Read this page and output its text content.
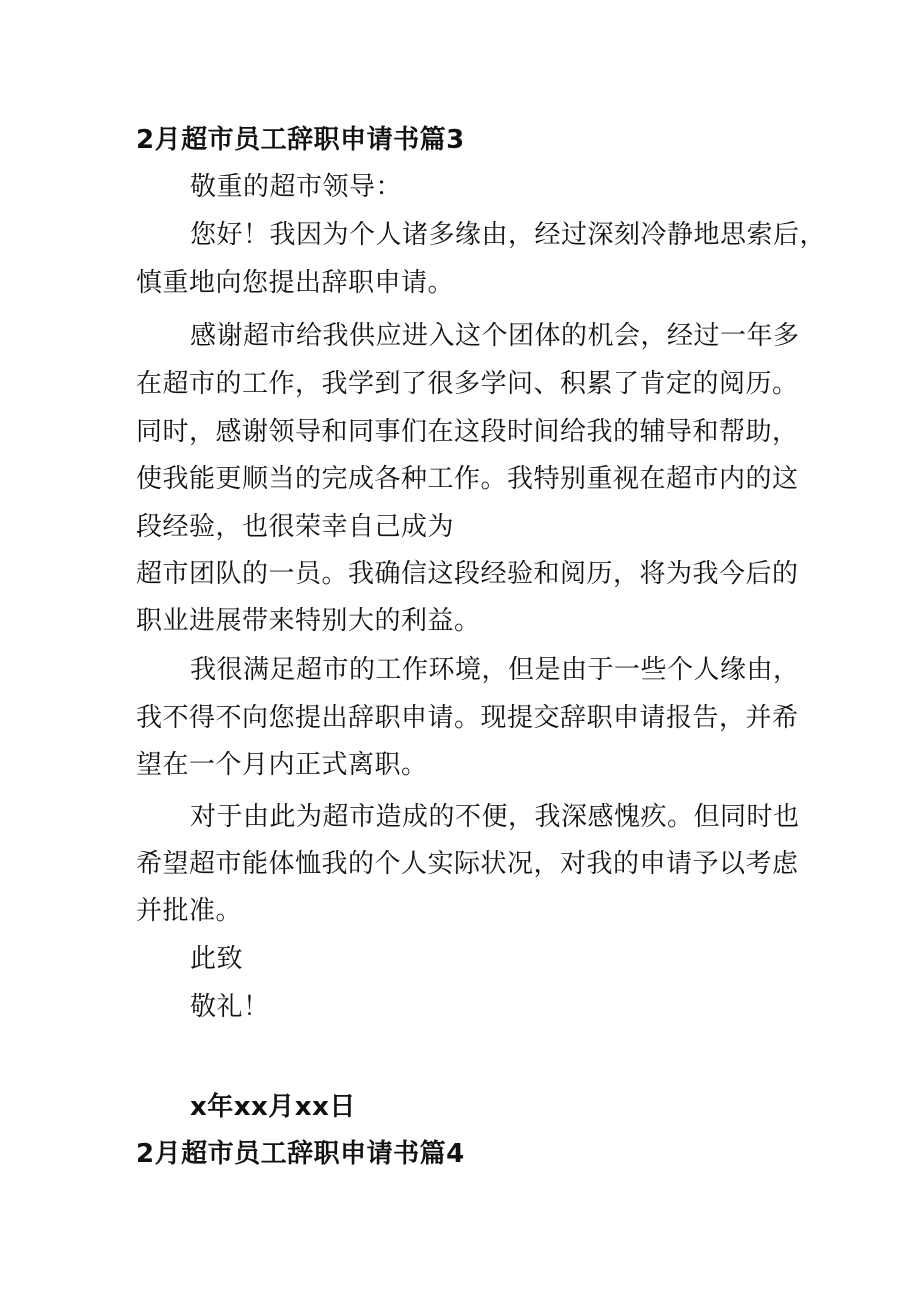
2月超市员工辞职申请书篇3

敬重的超市领导：

您好！我因为个人诸多缘由，经过深刻冷静地思索后，

慎重地向您提出辞职申请。

感谢超市给我供应进入这个团体的机会，经过一年多

在超市的工作，我学到了很多学问、积累了肯定的阅历。

同时，感谢领导和同事们在这段时间给我的辅导和帮助，

使我能更顺当的完成各种工作。我特别重视在超市内的这

段经验，也很荣幸自己成为

超市团队的一员。我确信这段经验和阅历，将为我今后的

职业进展带来特别大的利益。

我很满足超市的工作环境，但是由于一些个人缘由，

我不得不向您提出辞职申请。现提交辞职申请报告，并希

望在一个月内正式离职。

对于由此为超市造成的不便，我深感愧疚。但同时也

希望超市能体恤我的个人实际状况，对我的申请予以考虑

并批准。

此致

敬礼！

x年xx月xx日

2月超市员工辞职申请书篇4
